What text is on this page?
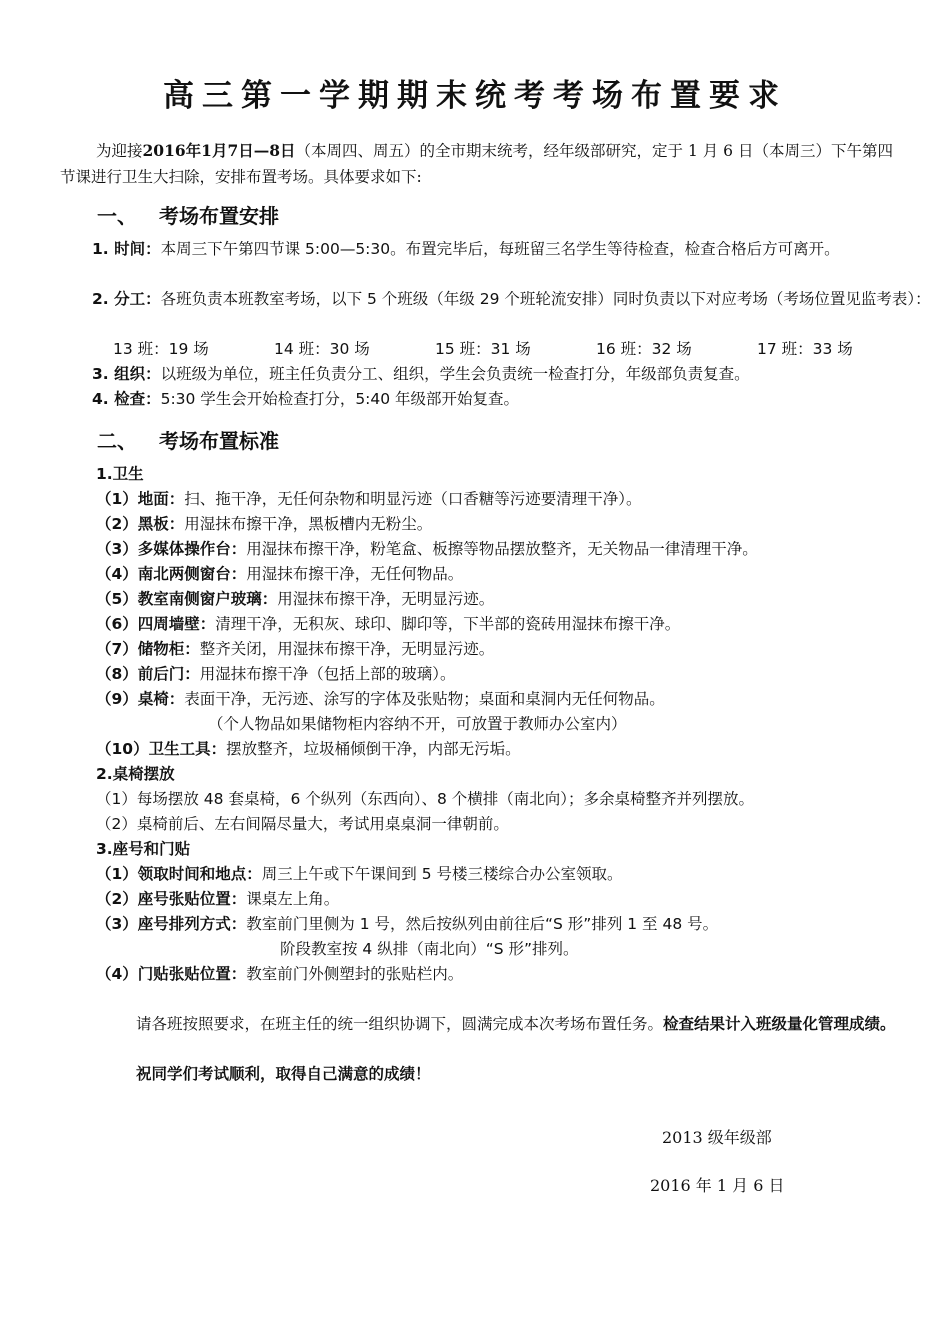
高三第一学期期末统考考场布置要求
为迎接2016年1月7日—8日（本周四、周五）的全市期末统考，经年级部研究，定于 1 月 6 日（本周三）下午第四节课进行卫生大扫除，安排布置考场。具体要求如下:
一、 考场布置安排
1. 时间：本周三下午第四节课 5:00—5:30。布置完毕后，每班留三名学生等待检查，检查合格后方可离开。
2. 分工：各班负责本班教室考场，以下 5 个班级（年级 29 个班轮流安排）同时负责以下对应考场（考场位置见监考表）：
13 班：19 场	14 班：30 场	15 班：31 场	16 班：32 场	17 班：33 场
3. 组织：以班级为单位，班主任负责分工、组织，学生会负责统一检查打分，年级部负责复查。
4. 检查：5:30 学生会开始检查打分，5:40 年级部开始复查。
二、 考场布置标准
1.卫生
（1）地面：扫、拖干净，无任何杂物和明显污迹（口香糖等污迹要清理干净）。
（2）黑板：用湿抹布擦干净，黑板槽内无粉尘。
（3）多媒体操作台：用湿抹布擦干净，粉笔盒、板擦等物品摆放整齐，无关物品一律清理干净。
（4）南北两侧窗台：用湿抹布擦干净，无任何物品。
（5）教室南侧窗户玻璃：用湿抹布擦干净，无明显污迹。
（6）四周墙壁：清理干净，无积灰、球印、脚印等，下半部的瓷砖用湿抹布擦干净。
（7）储物柜：整齐关闭，用湿抹布擦干净，无明显污迹。
（8）前后门：用湿抹布擦干净（包括上部的玻璃）。
（9）桌椅：表面干净，无污迹、涂写的字体及张贴物；桌面和桌洞内无任何物品。
（个人物品如果储物柜内容纳不开，可放置于教师办公室内）
（10）卫生工具：摆放整齐，垃圾桶倾倒干净，内部无污垢。
2.桌椅摆放
（1）每场摆放 48 套桌椅，6 个纵列（东西向）、8 个横排（南北向）；多余桌椅整齐并列摆放。
（2）桌椅前后、左右间隔尽量大，考试用桌桌洞一律朝前。
3.座号和门贴
（1）领取时间和地点：周三上午或下午课间到 5 号楼三楼综合办公室领取。
（2）座号张贴位置：课桌左上角。
（3）座号排列方式：教室前门里侧为 1 号，然后按纵列由前往后“S 形”排列 1 至 48 号。
阶段教室按 4 纵排（南北向）“S 形”排列。
（4）门贴张贴位置：教室前门外侧塑封的张贴栏内。
请各班按照要求，在班主任的统一组织协调下，圆满完成本次考场布置任务。检查结果计入班级量化管理成绩。
祝同学们考试顺利，取得自己满意的成绩！
2013 级年级部
2016 年 1 月 6 日
